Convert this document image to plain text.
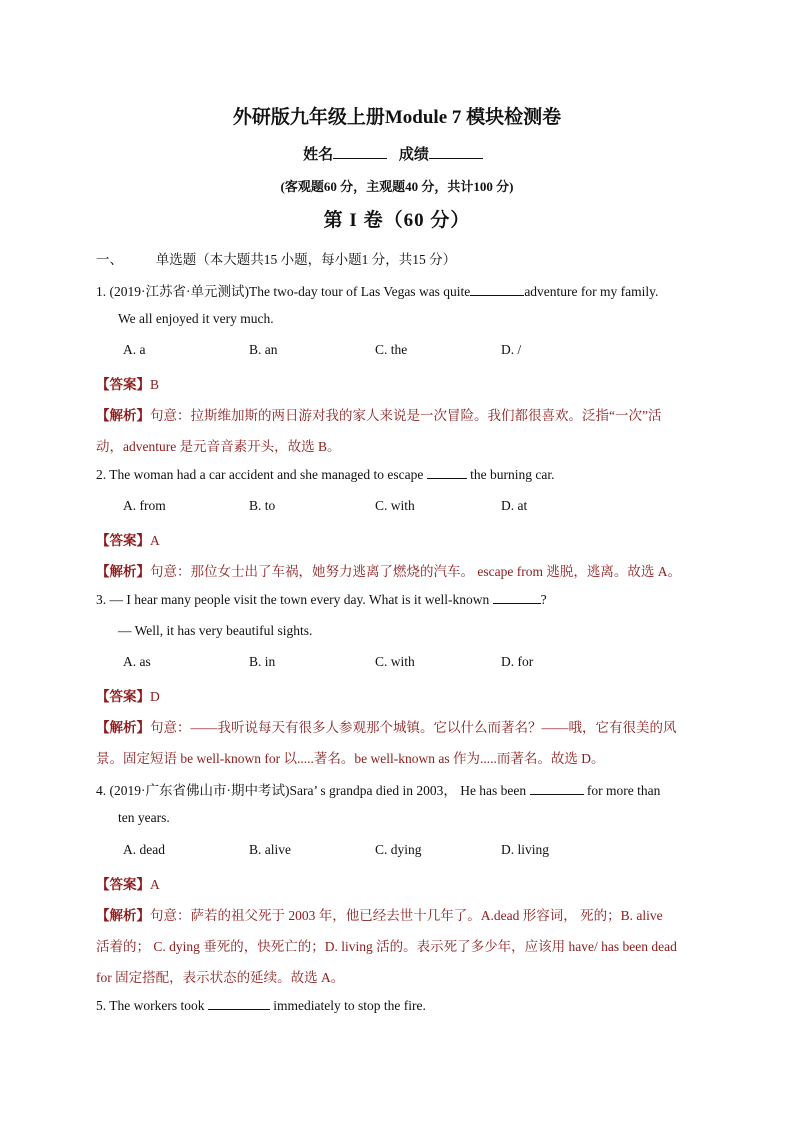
外研版九年级上册Module 7 模块检测卷
姓名	成绩
(客观题60 分，主观题40 分，共计100 分)
第 I 卷（60 分）
一、 单选题（本大题共15 小题，每小题1 分，共15 分）
1. (2019·江苏省·单元测试)The two-day tour of Las Vegas was quite	adventure for my family.
We all enjoyed it very much.
A. a	B. an	C. the	D. /
【答案】B
【解析】句意：拉斯维加斯的两日游对我的家人来说是一次冒险。我们都很喜欢。泛指“一次”活
动，adventure 是元音音素开头，故选 B。
2. The woman had a car accident and she managed to escape	the burning car.
A. from	B. to	C. with	D. at
【答案】A
【解析】句意：那位女士出了车祸，她努力逃离了燃烧的汽车。 escape from 逃脱，逃离。故选 A。
3. — I hear many people visit the town every day. What is it well-known	?
— Well, it has very beautiful sights.
A. as	B. in	C. with	D. for
【答案】D
【解析】句意：——我听说每天有很多人参观那个城镇。它以什么而著名？——哦，它有很美的风
景。固定短语 be well-known for 以.....著名。be well-known as 作为.....而著名。故选 D。
4. (2019·广东省佛山市·期中考试)Sara’ s grandpa died in 2003， He has been	for more than
ten years.
A. dead	B. alive	C. dying	D. living
【答案】A
【解析】句意：萨若的祖父死于 2003 年，他已经去世十几年了。A.dead 形容词， 死的；B. alive
活着的； C. dying 垂死的，快死亡的；D. living 活的。表示死了多少年，应该用 have/ has been dead
for 固定搭配，表示状态的延续。故选 A。
5. The workers took	immediately to stop the fire.
